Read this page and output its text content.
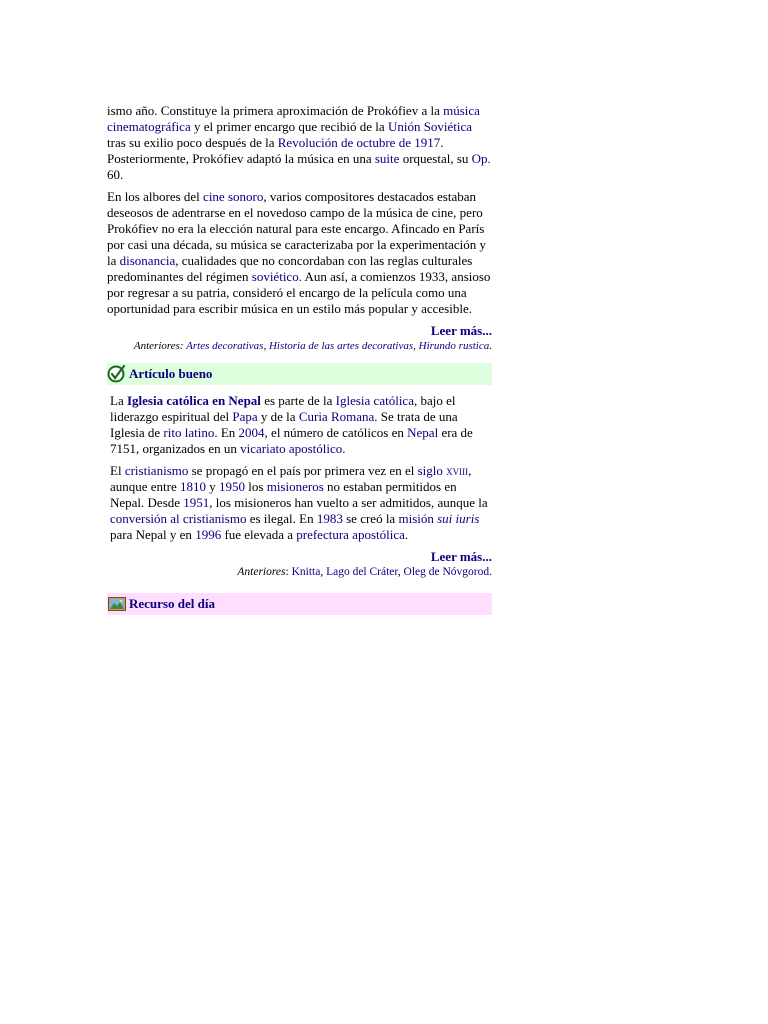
ismo año. Constituye la primera aproximación de Prokófiev a la música cinematográfica y el primer encargo que recibió de la Unión Soviética tras su exilio poco después de la Revolución de octubre de 1917. Posteriormente, Prokófiev adaptó la música en una suite orquestal, su Op. 60.

En los albores del cine sonoro, varios compositores destacados estaban deseosos de adentrarse en el novedoso campo de la música de cine, pero Prokófiev no era la elección natural para este encargo. Afincado en París por casi una década, su música se caracterizaba por la experimentación y la disonancia, cualidades que no concordaban con las reglas culturales predominantes del régimen soviético. Aun así, a comienzos 1933, ansioso por regresar a su patria, consideró el encargo de la película como una oportunidad para escribir música en un estilo más popular y accesible.

Leer más...
Anteriores: Artes decorativas, Historia de las artes decorativas, Hirundo rustica.
Artículo bueno

La Iglesia católica en Nepal es parte de la Iglesia católica, bajo el liderazgo espiritual del Papa y de la Curia Romana. Se trata de una Iglesia de rito latino. En 2004, el número de católicos en Nepal era de 7151, organizados en un vicariato apostólico.

El cristianismo se propagó en el país por primera vez en el siglo xviii, aunque entre 1810 y 1950 los misioneros no estaban permitidos en Nepal. Desde 1951, los misioneros han vuelto a ser admitidos, aunque la conversión al cristianismo es ilegal. En 1983 se creó la misión sui iuris para Nepal y en 1996 fue elevada a prefectura apostólica.

Leer más...
Anteriores: Knitta, Lago del Cráter, Oleg de Nóvgorod.
Recurso del día
